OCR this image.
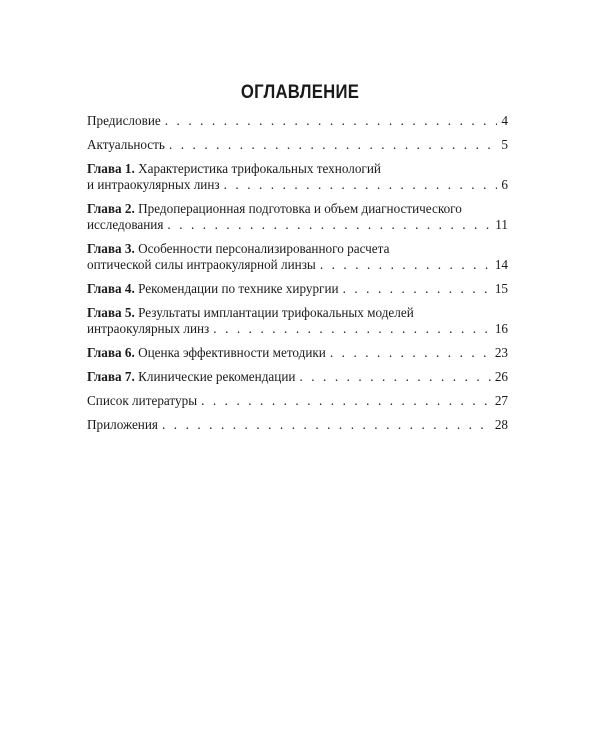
ОГЛАВЛЕНИЕ
Предисловие . . .	4
Актуальность . . .	5
Глава 1. Характеристика трифокальных технологий
и интраокулярных линз . . .	6
Глава 2. Предоперационная подготовка и объем диагностического
исследования . . .	11
Глава 3. Особенности персонализированного расчета
оптической силы интраокулярной линзы . . .	14
Глава 4. Рекомендации по технике хирургии . . .	15
Глава 5. Результаты имплантации трифокальных моделей
интраокулярных линз . . .	16
Глава 6. Оценка эффективности методики . . .	23
Глава 7. Клинические рекомендации . . .	26
Список литературы . . .	27
Приложения . . .	28
